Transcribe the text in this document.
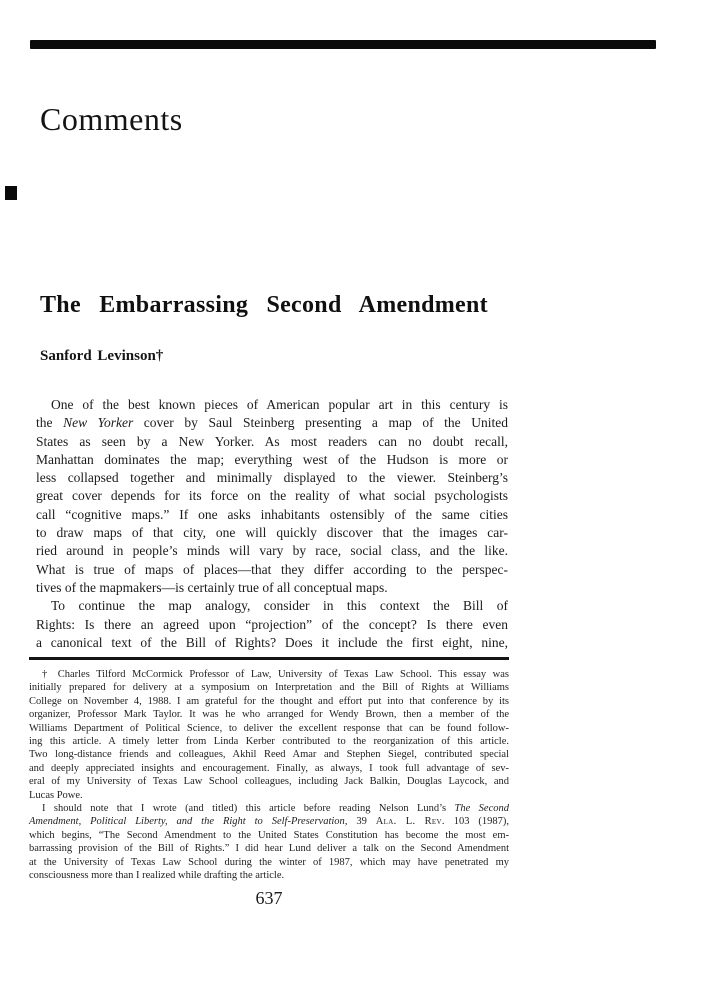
Comments
The Embarrassing Second Amendment
Sanford Levinson†
One of the best known pieces of American popular art in this century is
the New Yorker cover by Saul Steinberg presenting a map of the United
States as seen by a New Yorker. As most readers can no doubt recall,
Manhattan dominates the map; everything west of the Hudson is more or
less collapsed together and minimally displayed to the viewer. Steinberg’s
great cover depends for its force on the reality of what social psychologists
call “cognitive maps.” If one asks inhabitants ostensibly of the same cities
to draw maps of that city, one will quickly discover that the images car-
ried around in people’s minds will vary by race, social class, and the like.
What is true of maps of places—that they differ according to the perspec-
tives of the mapmakers—is certainly true of all conceptual maps.
To continue the map analogy, consider in this context the Bill of
Rights: Is there an agreed upon “projection” of the concept? Is there even
a canonical text of the Bill of Rights? Does it include the first eight, nine,
† Charles Tilford McCormick Professor of Law, University of Texas Law School. This essay was
initially prepared for delivery at a symposium on Interpretation and the Bill of Rights at Williams
College on November 4, 1988. I am grateful for the thought and effort put into that conference by its
organizer, Professor Mark Taylor. It was he who arranged for Wendy Brown, then a member of the
Williams Department of Political Science, to deliver the excellent response that can be found follow-
ing this article. A timely letter from Linda Kerber contributed to the reorganization of this article.
Two long-distance friends and colleagues, Akhil Reed Amar and Stephen Siegel, contributed special
and deeply appreciated insights and encouragement. Finally, as always, I took full advantage of sev-
eral of my University of Texas Law School colleagues, including Jack Balkin, Douglas Laycock, and
Lucas Powe.
I should note that I wrote (and titled) this article before reading Nelson Lund’s The Second
Amendment, Political Liberty, and the Right to Self-Preservation, 39 Ala. L. Rev. 103 (1987),
which begins, “The Second Amendment to the United States Constitution has become the most em-
barrassing provision of the Bill of Rights.” I did hear Lund deliver a talk on the Second Amendment
at the University of Texas Law School during the winter of 1987, which may have penetrated my
consciousness more than I realized while drafting the article.
637
